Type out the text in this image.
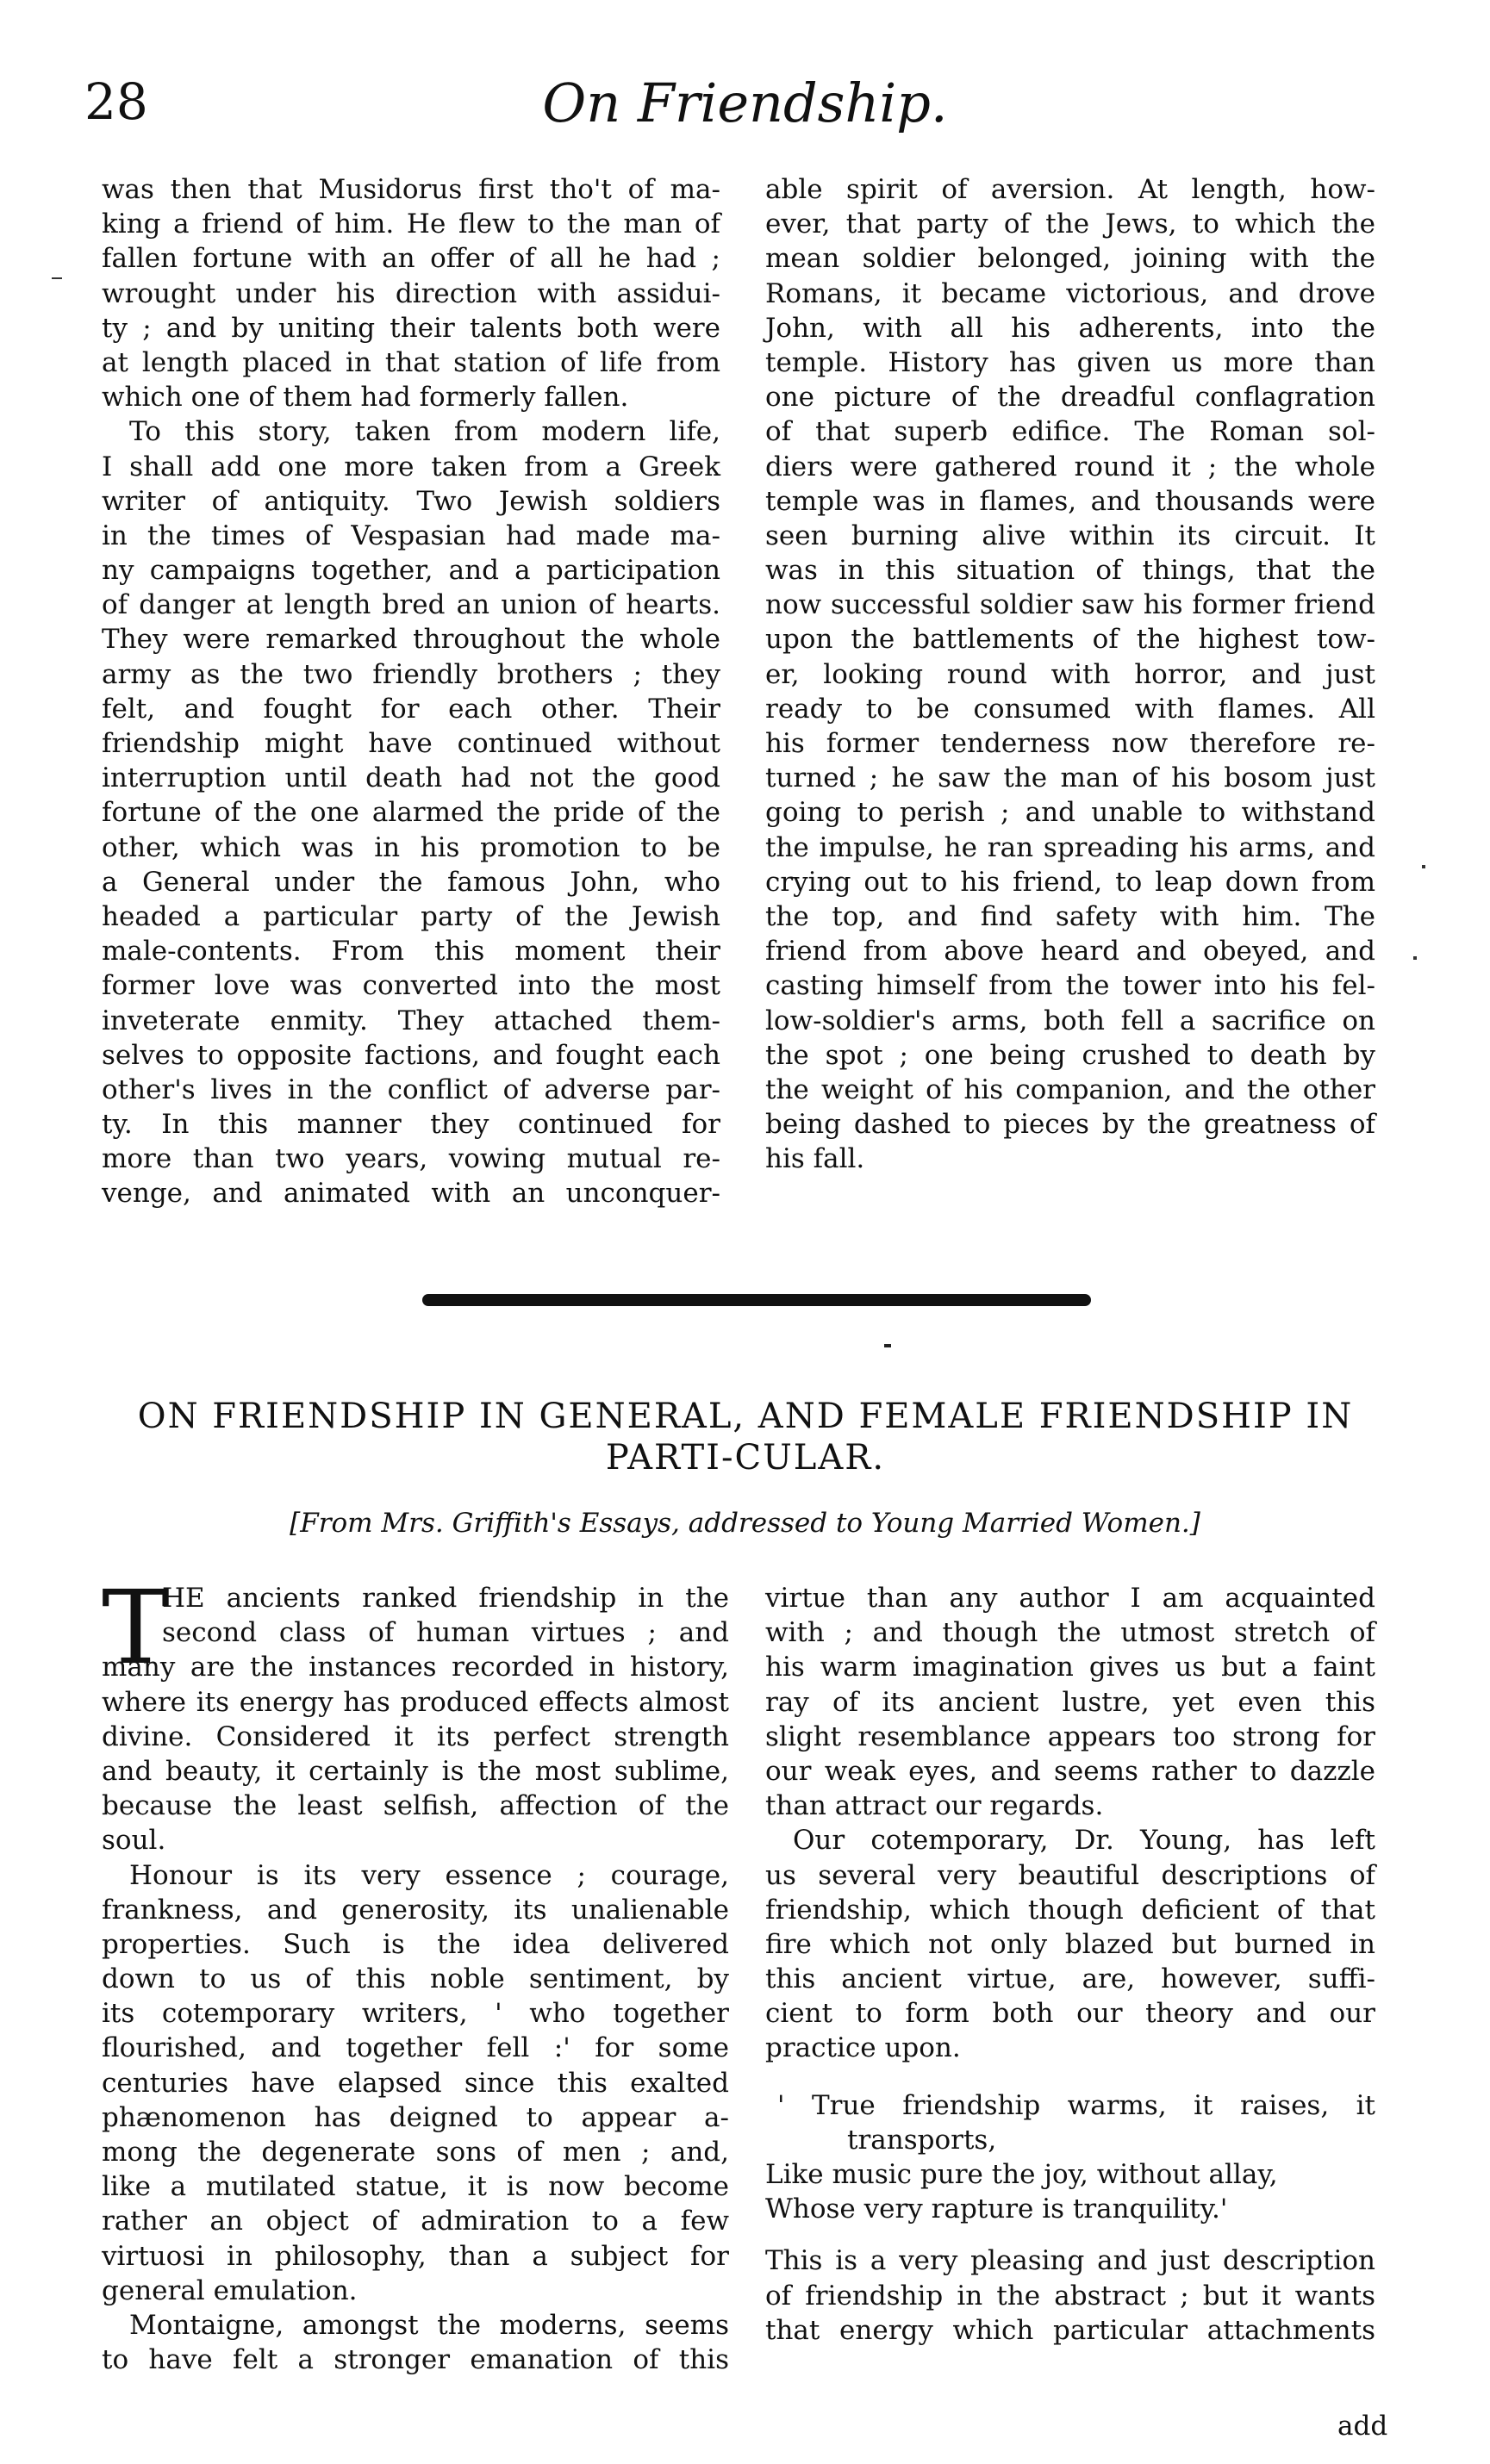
28	On Friendship.
was then that Musidorus first tho't of ma-
king a friend of him. He flew to the man of
fallen fortune with an offer of all he had ;
wrought under his direction with assidui-
ty ; and by uniting their talents both were
at length placed in that station of life from
which one of them had formerly fallen.
To this story, taken from modern life,
I shall add one more taken from a Greek
writer of antiquity. Two Jewish soldiers
in the times of Vespasian had made ma-
ny campaigns together, and a participation
of danger at length bred an union of hearts.
They were remarked throughout the whole
army as the two friendly brothers ; they
felt, and fought for each other. Their
friendship might have continued without
interruption until death had not the good
fortune of the one alarmed the pride of the
other, which was in his promotion to be
a General under the famous John, who
headed a particular party of the Jewish
male-contents. From this moment their
former love was converted into the most
inveterate enmity. They attached them-
selves to opposite factions, and fought each
other's lives in the conflict of adverse par-
ty. In this manner they continued for
more than two years, vowing mutual re-
venge, and animated with an unconquer-
able spirit of aversion. At length, how-
ever, that party of the Jews, to which the
mean soldier belonged, joining with the
Romans, it became victorious, and drove
John, with all his adherents, into the
temple. History has given us more than
one picture of the dreadful conflagration
of that superb edifice. The Roman sol-
diers were gathered round it ; the whole
temple was in flames, and thousands were
seen burning alive within its circuit. It
was in this situation of things, that the
now successful soldier saw his former friend
upon the battlements of the highest tow-
er, looking round with horror, and just
ready to be consumed with flames. All
his former tenderness now therefore re-
turned ; he saw the man of his bosom just
going to perish ; and unable to withstand
the impulse, he ran spreading his arms, and
crying out to his friend, to leap down from
the top, and find safety with him. The
friend from above heard and obeyed, and
casting himself from the tower into his fel-
low-soldier's arms, both fell a sacrifice on
the spot ; one being crushed to death by
the weight of his companion, and the other
being dashed to pieces by the greatness of
his fall.
ON FRIENDSHIP IN GENERAL, AND FEMALE FRIENDSHIP IN PARTI-CULAR.
[From Mrs. Griffith's Essays, addressed to Young Married Women.]
T
HE ancients ranked friendship in the
second class of human virtues ; and
many are the instances recorded in history,
where its energy has produced effects almost
divine. Considered it its perfect strength
and beauty, it certainly is the most sublime,
because the least selfish, affection of the
soul.
Honour is its very essence ; courage,
frankness, and generosity, its unalienable
properties. Such is the idea delivered
down to us of this noble sentiment, by
its cotemporary writers, ' who together
flourished, and together fell :' for some
centuries have elapsed since this exalted
phænomenon has deigned to appear a-
mong the degenerate sons of men ; and,
like a mutilated statue, it is now become
rather an object of admiration to a few
virtuosi in philosophy, than a subject for
general emulation.
Montaigne, amongst the moderns, seems
to have felt a stronger emanation of this
virtue than any author I am acquainted
with ; and though the utmost stretch of
his warm imagination gives us but a faint
ray of its ancient lustre, yet even this
slight resemblance appears too strong for
our weak eyes, and seems rather to dazzle
than attract our regards.
Our cotemporary, Dr. Young, has left
us several very beautiful descriptions of
friendship, which though deficient of that
fire which not only blazed but burned in
this ancient virtue, are, however, suffi-
cient to form both our theory and our
practice upon.
' True friendship warms, it raises, it
transports,
Like music pure the joy, without allay,
Whose very rapture is tranquility.'
This is a very pleasing and just description
of friendship in the abstract ; but it wants
that energy which particular attachments
add
